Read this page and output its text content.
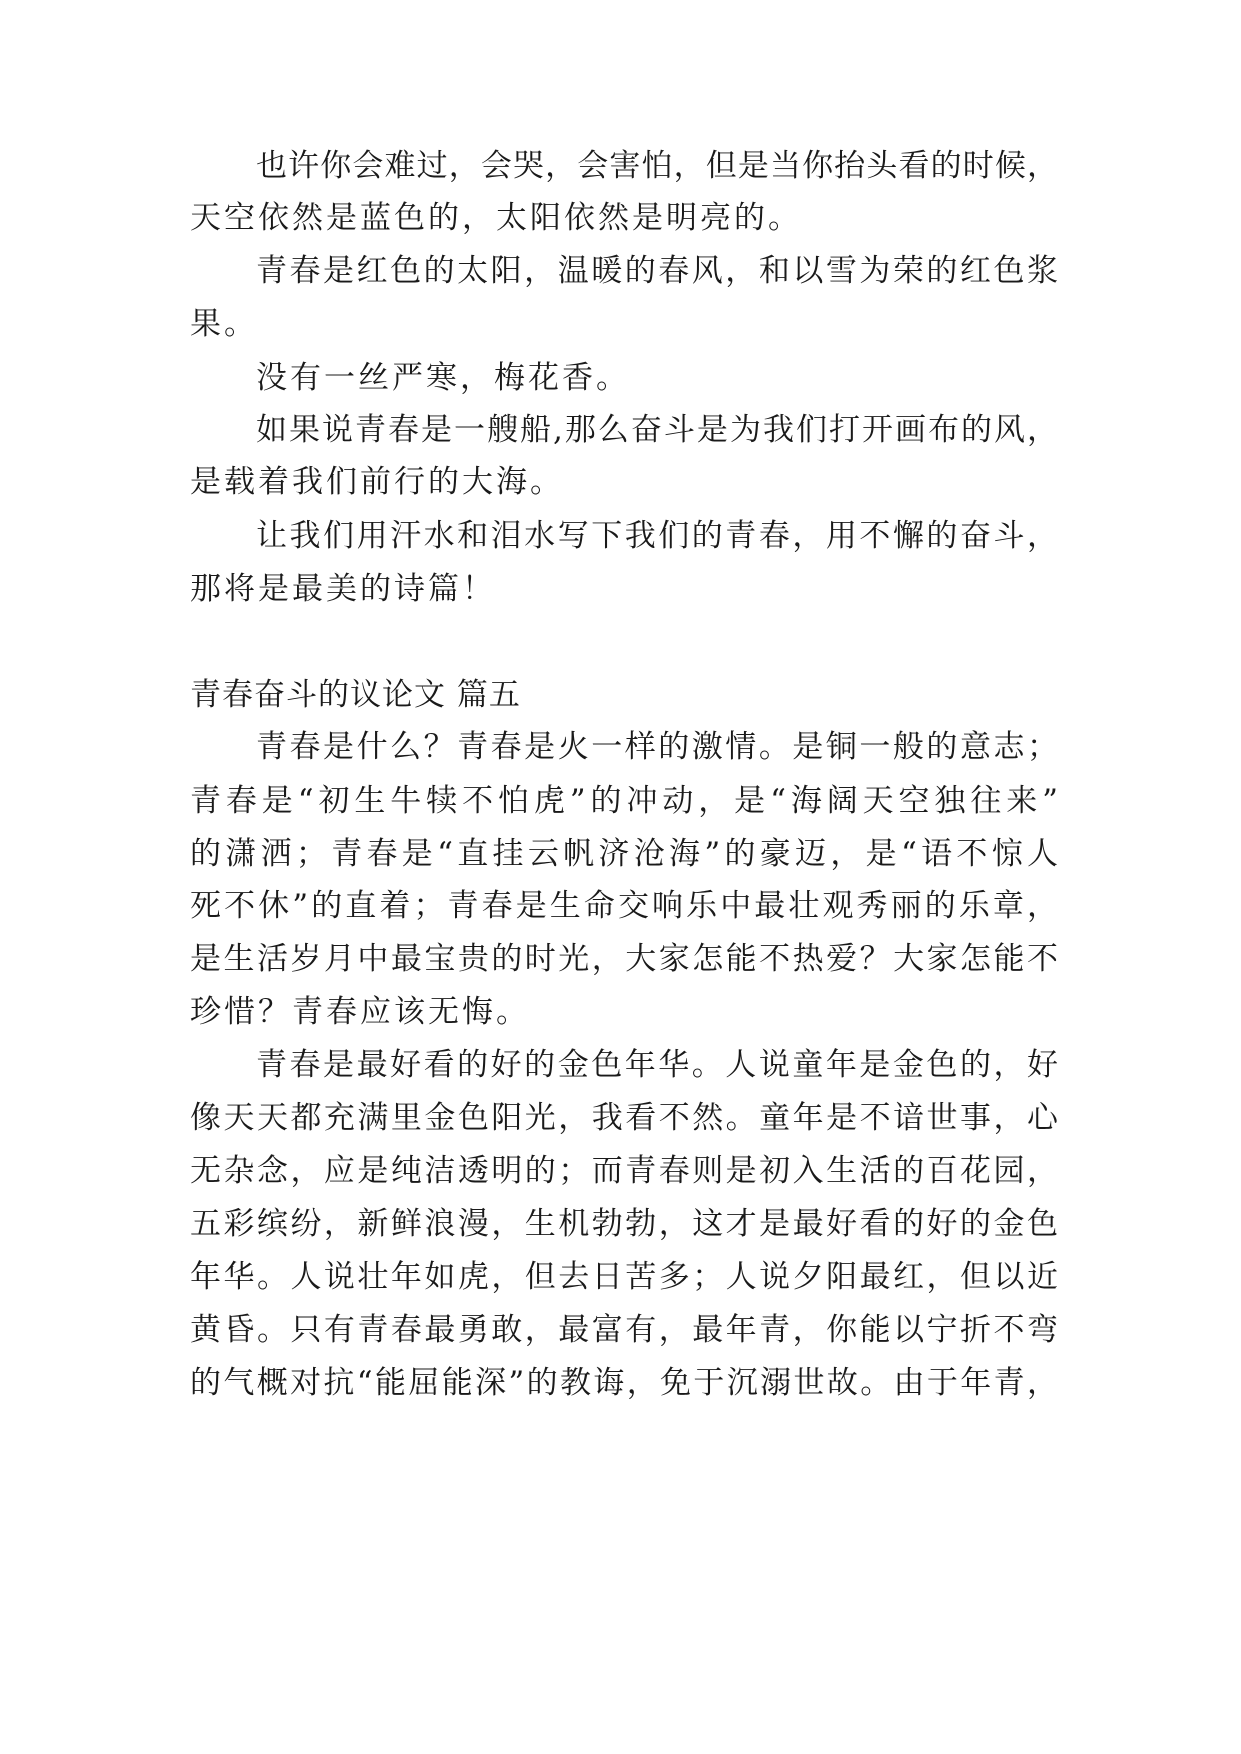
也许你会难过，会哭，会害怕，但是当你抬头看的时候，
天空依然是蓝色的，太阳依然是明亮的。
青春是红色的太阳，温暖的春风，和以雪为荣的红色浆
果。
没有一丝严寒，梅花香。
如果说青春是一艘船,那么奋斗是为我们打开画布的风，
是载着我们前行的大海。
让我们用汗水和泪水写下我们的青春，用不懈的奋斗，
那将是最美的诗篇！
青春奋斗的议论文 篇五
青春是什么？青春是火一样的激情。是铜一般的意志；
青春是“初生牛犊不怕虎”的冲动，是“海阔天空独往来”
的潇洒；青春是“直挂云帆济沧海”的豪迈，是“语不惊人
死不休”的直着；青春是生命交响乐中最壮观秀丽的乐章，
是生活岁月中最宝贵的时光，大家怎能不热爱？大家怎能不
珍惜？青春应该无悔。
青春是最好看的好的金色年华。人说童年是金色的，好
像天天都充满里金色阳光，我看不然。童年是不谙世事，心
无杂念，应是纯洁透明的；而青春则是初入生活的百花园，
五彩缤纷，新鲜浪漫，生机勃勃，这才是最好看的好的金色
年华。人说壮年如虎，但去日苦多；人说夕阳最红，但以近
黄昏。只有青春最勇敢，最富有，最年青，你能以宁折不弯
的气概对抗“能屈能深”的教诲，免于沉溺世故。由于年青，
